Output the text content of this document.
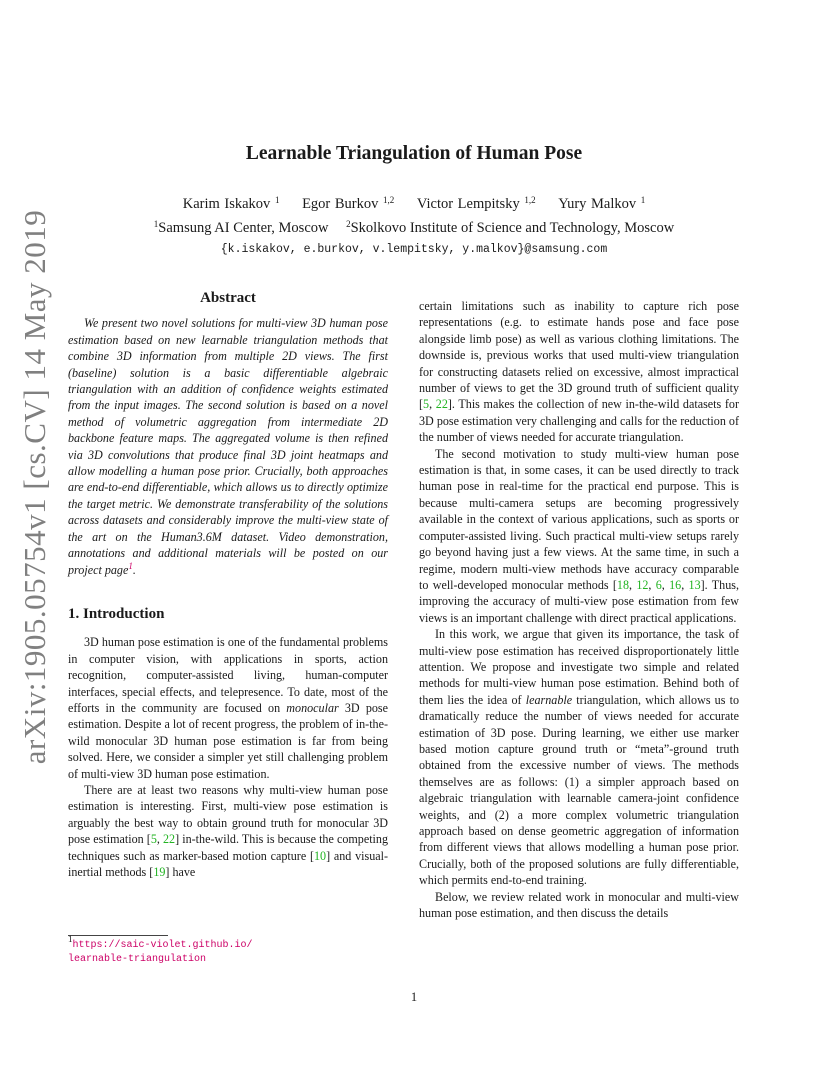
arXiv:1905.05754v1 [cs.CV] 14 May 2019
Learnable Triangulation of Human Pose
Karim Iskakov $^1$ Egor Burkov $^{1,2}$ Victor Lempitsky $^{1,2}$ Yury Malkov $^1$
$^1$Samsung AI Center, Moscow $^2$Skolkovo Institute of Science and Technology, Moscow
{k.iskakov, e.burkov, v.lempitsky, y.malkov}@samsung.com
Abstract

We present two novel solutions for multi-view 3D human pose estimation based on new learnable triangulation methods that combine 3D information from multiple 2D views. The first (baseline) solution is a basic differentiable algebraic triangulation with an addition of confidence weights estimated from the input images. The second solution is based on a novel method of volumetric aggregation from intermediate 2D backbone feature maps. The aggregated volume is then refined via 3D convolutions that produce final 3D joint heatmaps and allow modelling a human pose prior. Crucially, both approaches are end-to-end differentiable, which allows us to directly optimize the target metric. We demonstrate transferability of the solutions across datasets and considerably improve the multi-view state of the art on the Human3.6M dataset. Video demonstration, annotations and additional materials will be posted on our project page$^1$.

1. Introduction

3D human pose estimation is one of the fundamental problems in computer vision, with applications in sports, action recognition, computer-assisted living, human-computer interfaces, special effects, and telepresence. To date, most of the efforts in the community are focused on monocular 3D pose estimation. Despite a lot of recent progress, the problem of in-the-wild monocular 3D human pose estimation is far from being solved. Here, we consider a simpler yet still challenging problem of multi-view 3D human pose estimation.

There are at least two reasons why multi-view human pose estimation is interesting. First, multi-view pose estimation is arguably the best way to obtain ground truth for monocular 3D pose estimation [5, 22] in-the-wild. This is because the competing techniques such as marker-based motion capture [10] and visual-inertial methods [19] have

certain limitations such as inability to capture rich pose representations (e.g. to estimate hands pose and face pose alongside limb pose) as well as various clothing limitations. The downside is, previous works that used multi-view triangulation for constructing datasets relied on excessive, almost impractical number of views to get the 3D ground truth of sufficient quality [5, 22]. This makes the collection of new in-the-wild datasets for 3D pose estimation very challenging and calls for the reduction of the number of views needed for accurate triangulation.

The second motivation to study multi-view human pose estimation is that, in some cases, it can be used directly to track human pose in real-time for the practical end purpose. This is because multi-camera setups are becoming progressively available in the context of various applications, such as sports or computer-assisted living. Such practical multi-view setups rarely go beyond having just a few views. At the same time, in such a regime, modern multi-view methods have accuracy comparable to well-developed monocular methods [18, 12, 6, 16, 13]. Thus, improving the accuracy of multi-view pose estimation from few views is an important challenge with direct practical applications.

In this work, we argue that given its importance, the task of multi-view pose estimation has received disproportionately little attention. We propose and investigate two simple and related methods for multi-view human pose estimation. Behind both of them lies the idea of learnable triangulation, which allows us to dramatically reduce the number of views needed for accurate estimation of 3D pose. During learning, we either use marker based motion capture ground truth or “meta”-ground truth obtained from the excessive number of views. The methods themselves are as follows: (1) a simpler approach based on algebraic triangulation with learnable camera-joint confidence weights, and (2) a more complex volumetric triangulation approach based on dense geometric aggregation of information from different views that allows modelling a human pose prior. Crucially, both of the proposed solutions are fully differentiable, which permits end-to-end training.

Below, we review related work in monocular and multi-view human pose estimation, and then discuss the details

$^1$https://saic-violet.github.io/
learnable-triangulation
1
